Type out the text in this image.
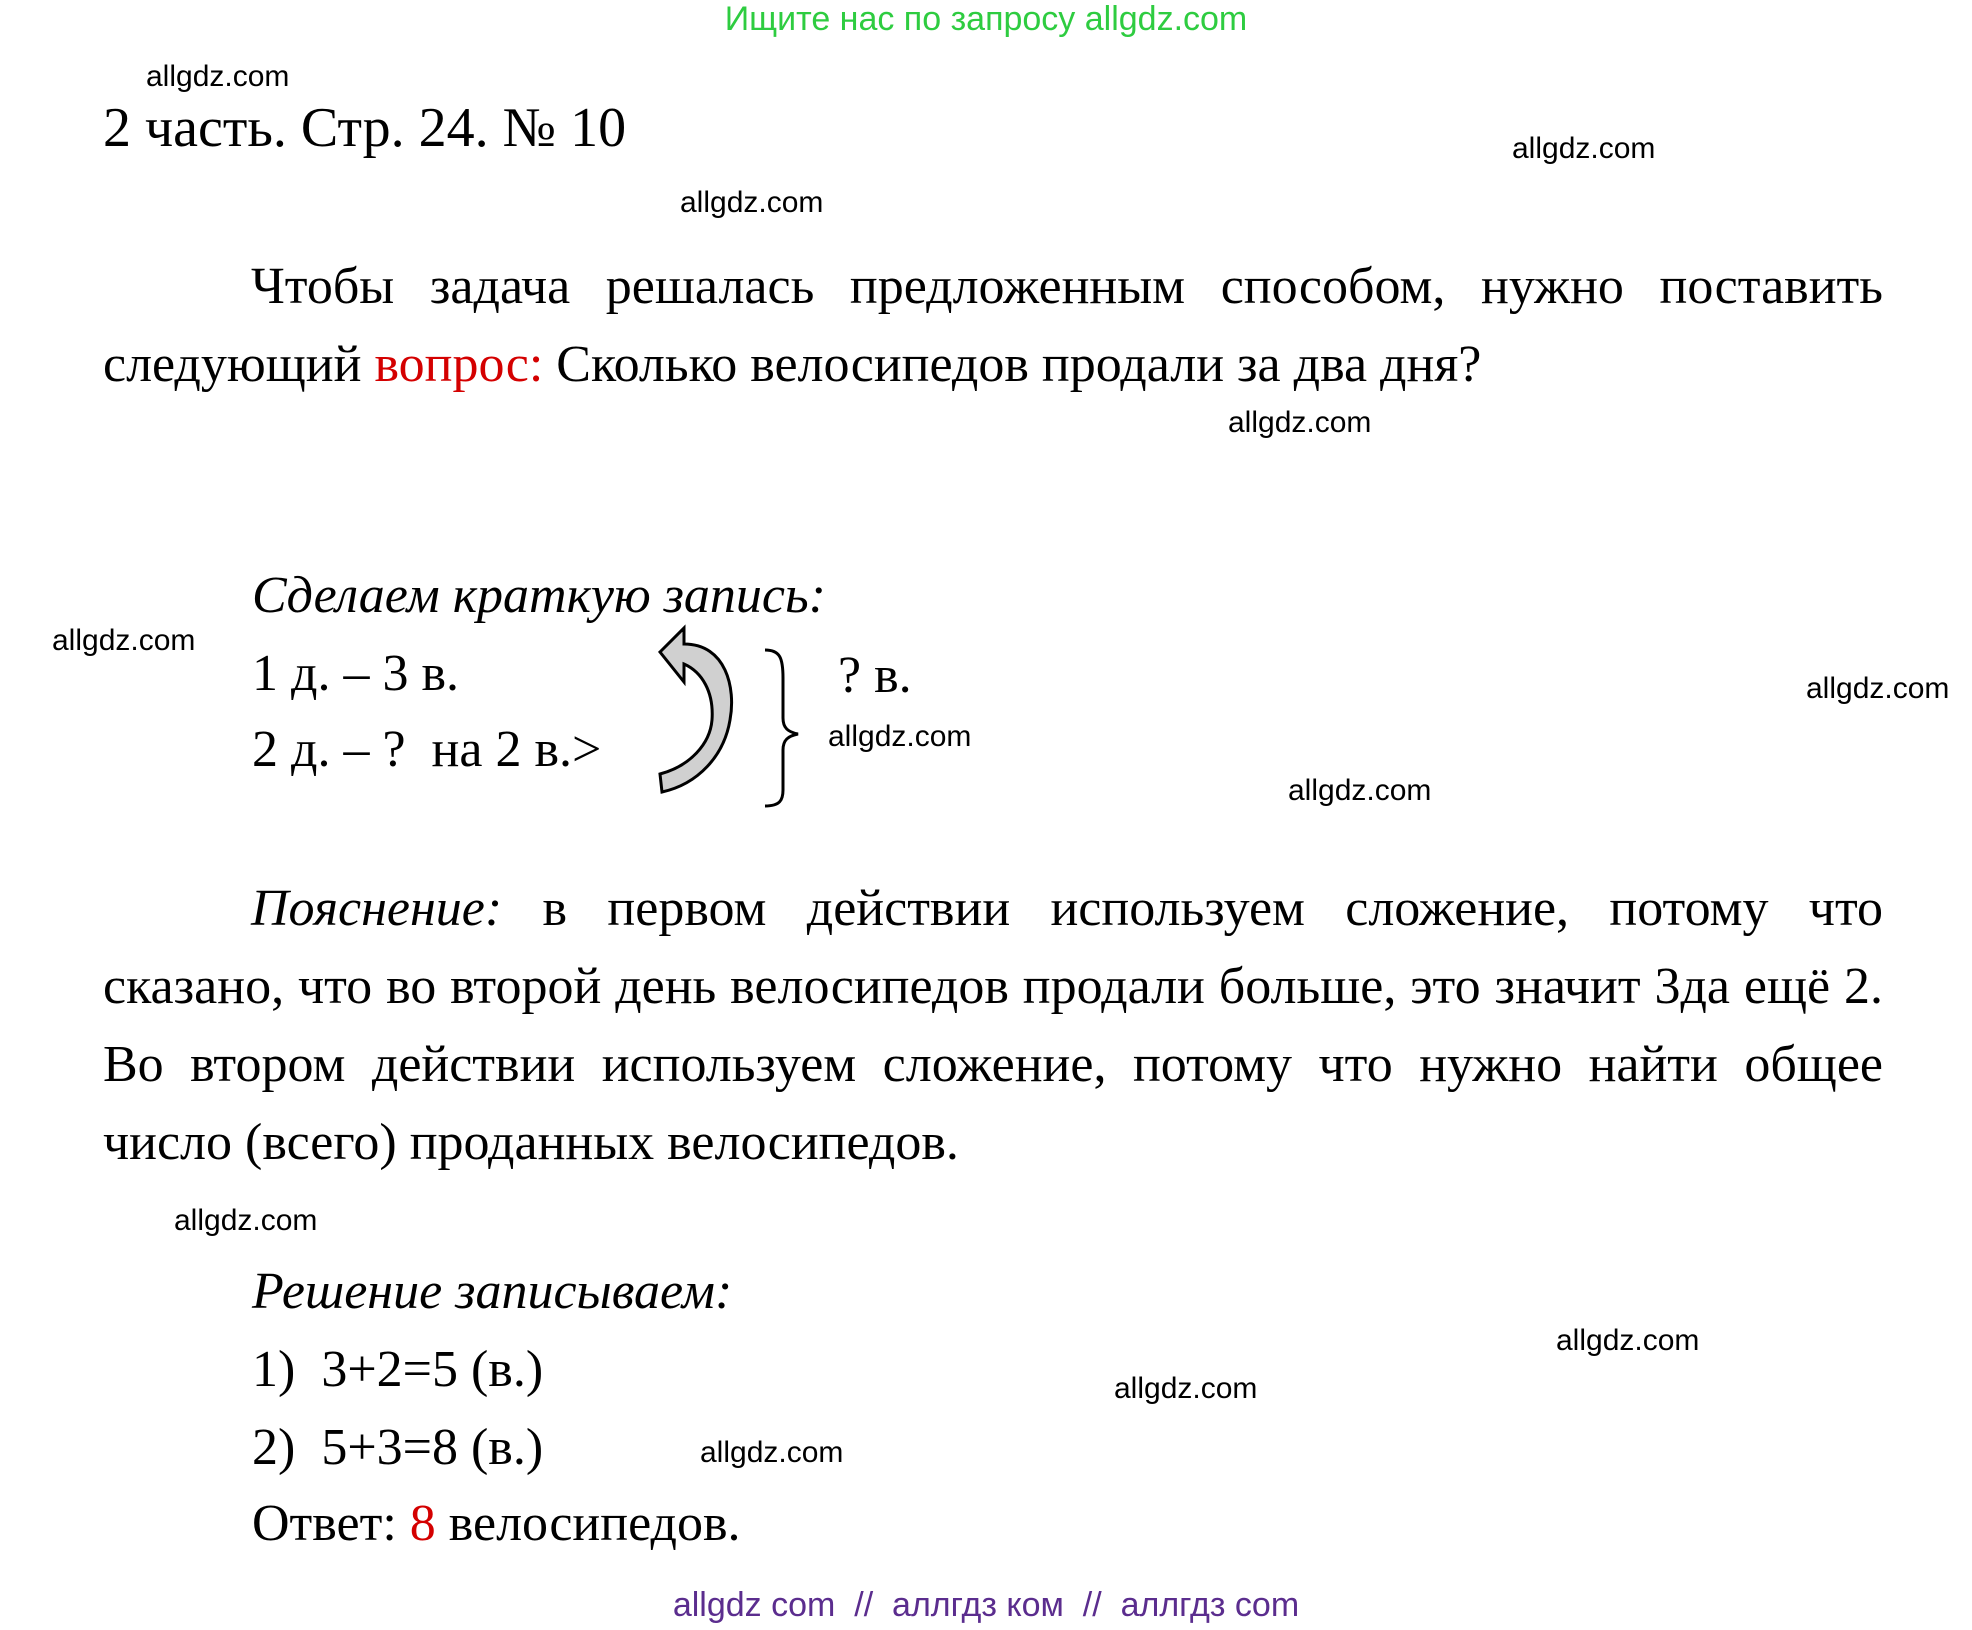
Ищите нас по запросу allgdz.com
allgdz.com
allgdz.com
allgdz.com
allgdz.com
allgdz.com
allgdz.com
allgdz.com
allgdz.com
allgdz.com
allgdz.com
allgdz.com
allgdz.com
2 часть. Стр. 24. № 10

Чтобы задача решалась предложенным способом, нужно поставить следующий вопрос: Сколько велосипедов продали за два дня?

Сделаем краткую запись:
1 д. – 3 в.
2 д. – ?  на 2 в.>
? в.

Пояснение: в первом действии используем сложение, потому что сказано, что во второй день велосипедов продали больше, это значит 3да ещё 2. Во втором действии используем сложение, потому что нужно найти общее число (всего) проданных велосипедов.

Решение записываем:
1)  3+2=5 (в.)
2)  5+3=8 (в.)
Ответ: 8 велосипедов.
allgdz com  //  аллгдз ком  //  аллгдз com
